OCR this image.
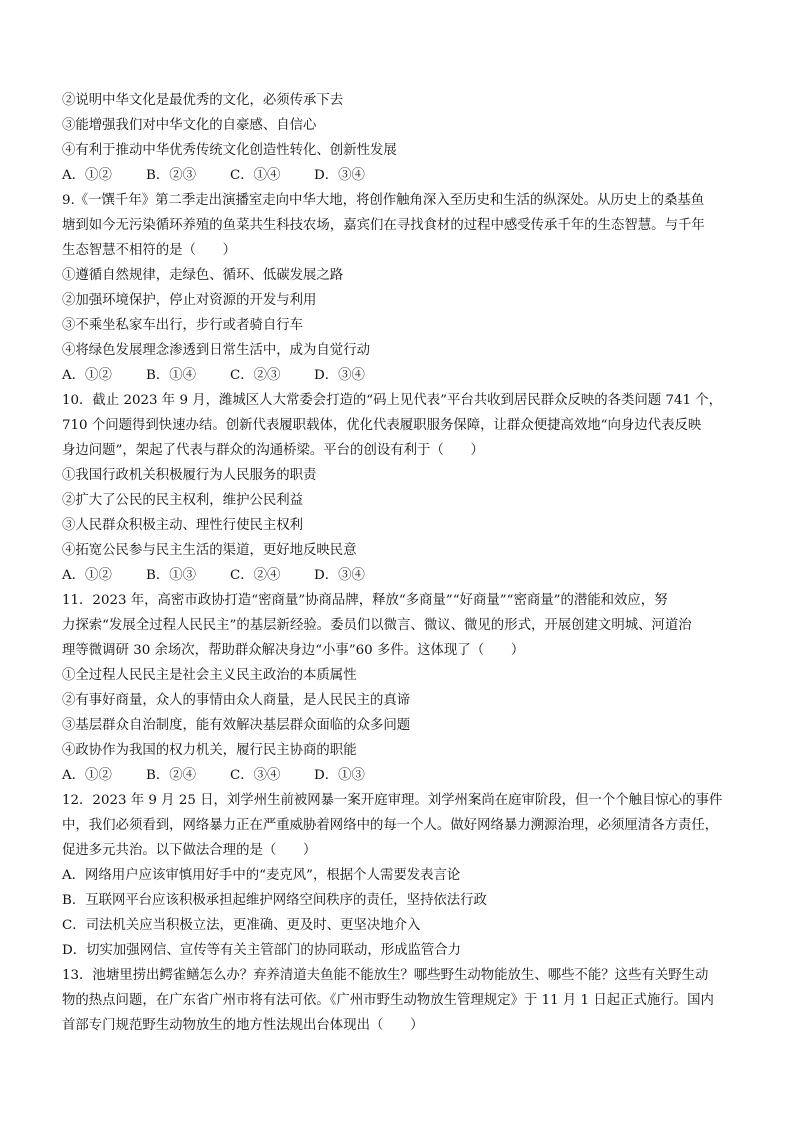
②说明中华文化是最优秀的文化，必须传承下去
③能增强我们对中华文化的自豪感、自信心
④有利于推动中华优秀传统文化创造性转化、创新性发展
A．①②	B．②③	C．①④	D．③④
9.《一馔千年》第二季走出演播室走向中华大地，将创作触角深入至历史和生活的纵深处。从历史上的桑基鱼
塘到如今无污染循环养殖的鱼菜共生科技农场，嘉宾们在寻找食材的过程中感受传承千年的生态智慧。与千年
生态智慧不相符的是（　　）
①遵循自然规律，走绿色、循环、低碳发展之路
②加强环境保护，停止对资源的开发与利用
③不乘坐私家车出行，步行或者骑自行车
④将绿色发展理念渗透到日常生活中，成为自觉行动
A．①②	B．①④	C．②③	D．③④
10．截止 2023 年 9 月，潍城区人大常委会打造的“码上见代表”平台共收到居民群众反映的各类问题 741 个，
710 个问题得到快速办结。创新代表履职载体，优化代表履职服务保障，让群众便捷高效地“向身边代表反映
身边问题”，架起了代表与群众的沟通桥梁。平台的创设有利于（　　）
①我国行政机关积极履行为人民服务的职责
②扩大了公民的民主权利，维护公民利益
③人民群众积极主动、理性行使民主权利
④拓宽公民参与民主生活的渠道，更好地反映民意
A．①②	B．①③	C．②④	D．③④
11．2023 年，高密市政协打造“密商量”协商品牌，释放“多商量”“好商量”“密商量”的潜能和效应，努
力探索“发展全过程人民民主”的基层新经验。委员们以微言、微议、微见的形式，开展创建文明城、河道治
理等微调研 30 余场次，帮助群众解决身边“小事”60 多件。这体现了（　　）
①全过程人民民主是社会主义民主政治的本质属性
②有事好商量，众人的事情由众人商量，是人民民主的真谛
③基层群众自治制度，能有效解决基层群众面临的众多问题
④政协作为我国的权力机关，履行民主协商的职能
A．①②	B．②④	C．③④	D．①③
12．2023 年 9 月 25 日，刘学州生前被网暴一案开庭审理。刘学州案尚在庭审阶段，但一个个触目惊心的事件
中，我们必须看到，网络暴力正在严重威胁着网络中的每一个人。做好网络暴力溯源治理，必须厘清各方责任，
促进多元共治。以下做法合理的是（　　）
A．网络用户应该审慎用好手中的“麦克风”，根据个人需要发表言论
B．互联网平台应该积极承担起维护网络空间秩序的责任，坚持依法行政
C．司法机关应当积极立法，更准确、更及时、更坚决地介入
D．切实加强网信、宣传等有关主管部门的协同联动，形成监管合力
13．池塘里捞出鳄雀鳝怎么办？弃养清道夫鱼能不能放生？哪些野生动物能放生、哪些不能？这些有关野生动
物的热点问题，在广东省广州市将有法可依。《广州市野生动物放生管理规定》于 11 月 1 日起正式施行。国内
首部专门规范野生动物放生的地方性法规出台体现出（　　）
